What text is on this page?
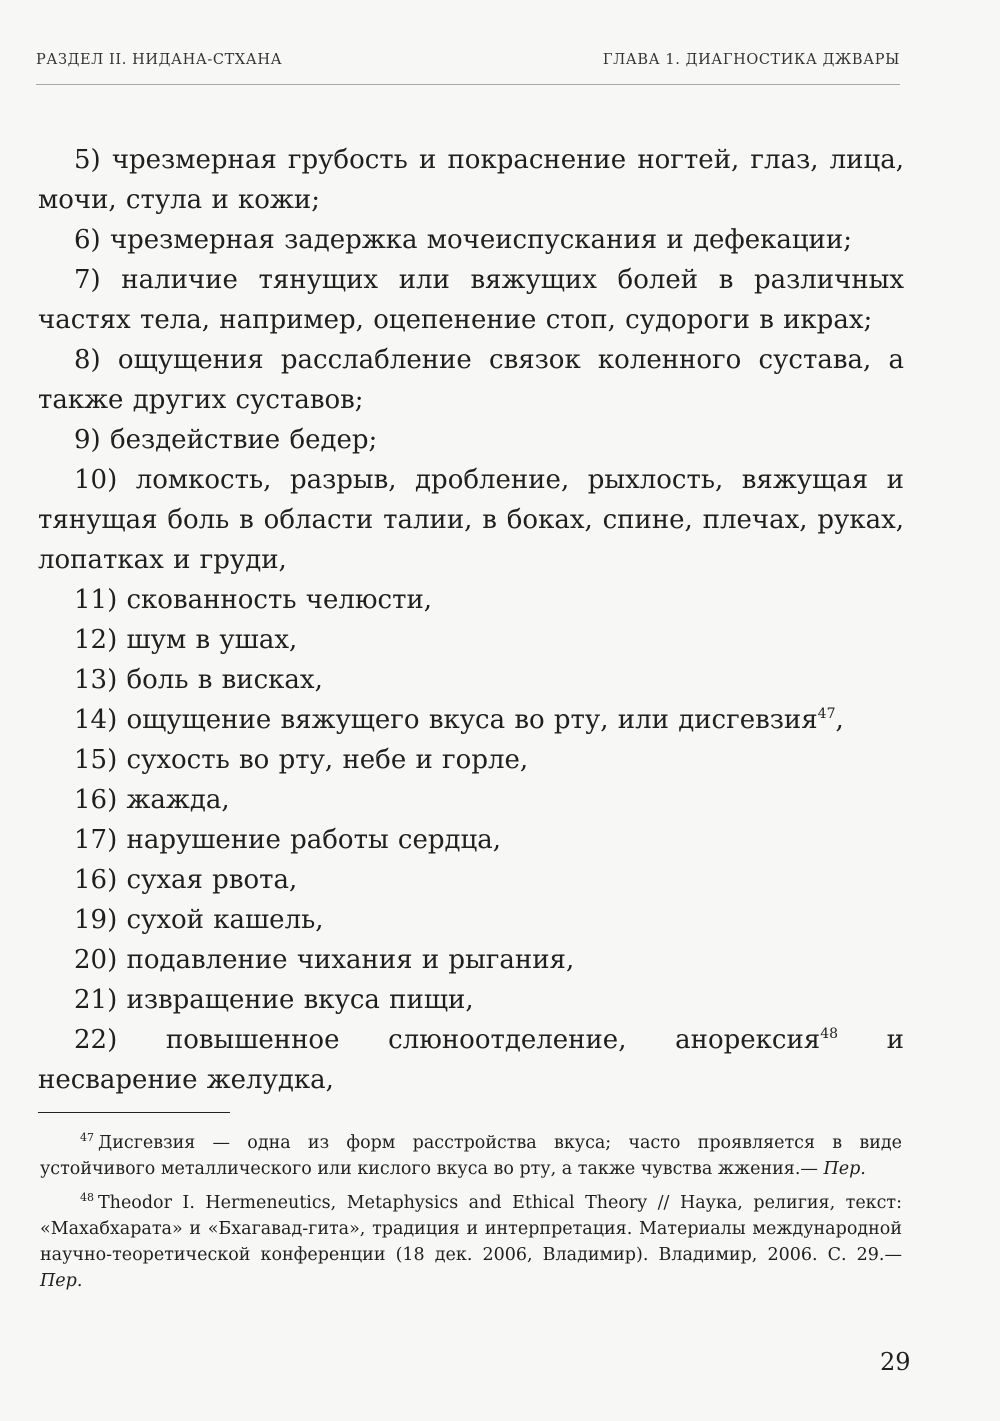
РАЗДЕЛ II. НИДАНА-СТХАНА	ГЛАВА 1. ДИАГНОСТИКА ДЖВАРЫ

5) чрезмерная грубость и покраснение ногтей, глаз, лица, мочи, стула и кожи;

6) чрезмерная задержка мочеиспускания и дефекации;

7) наличие тянущих или вяжущих болей в различных частях тела, например, оцепенение стоп, судороги в икрах;

8) ощущения расслабление связок коленного сустава, а также других суставов;

9) бездействие бедер;

10) ломкость, разрыв, дробление, рыхлость, вяжущая и тянущая боль в области талии, в боках, спине, плечах, руках, лопатках и груди,

11) скованность челюсти,

12) шум в ушах,

13) боль в висках,

14) ощущение вяжущего вкуса во рту, или дисгевзия$^{47}$,

15) сухость во рту, небе и горле,

16) жажда,

17) нарушение работы сердца,

16) сухая рвота,

19) сухой кашель,

20) подавление чихания и рыгания,

21) извращение вкуса пищи,

22) повышенное слюноотделение, анорексия$^{48}$ и несварение желудка,

$^{47}$ Дисгевзия — одна из форм расстройства вкуса; часто проявляется в виде устойчивого металлического или кислого вкуса во рту, а также чувства жжения.— Пер.

$^{48}$ Theodor I. Hermeneutics, Metaphysics and Ethical Theory // Наука, религия, текст: «Махабхарата» и «Бхагавад-гита», традиция и интерпретация. Материалы международной научно-теоретической конференции (18 дек. 2006, Владимир). Владимир, 2006. С. 29.— Пер.

29
